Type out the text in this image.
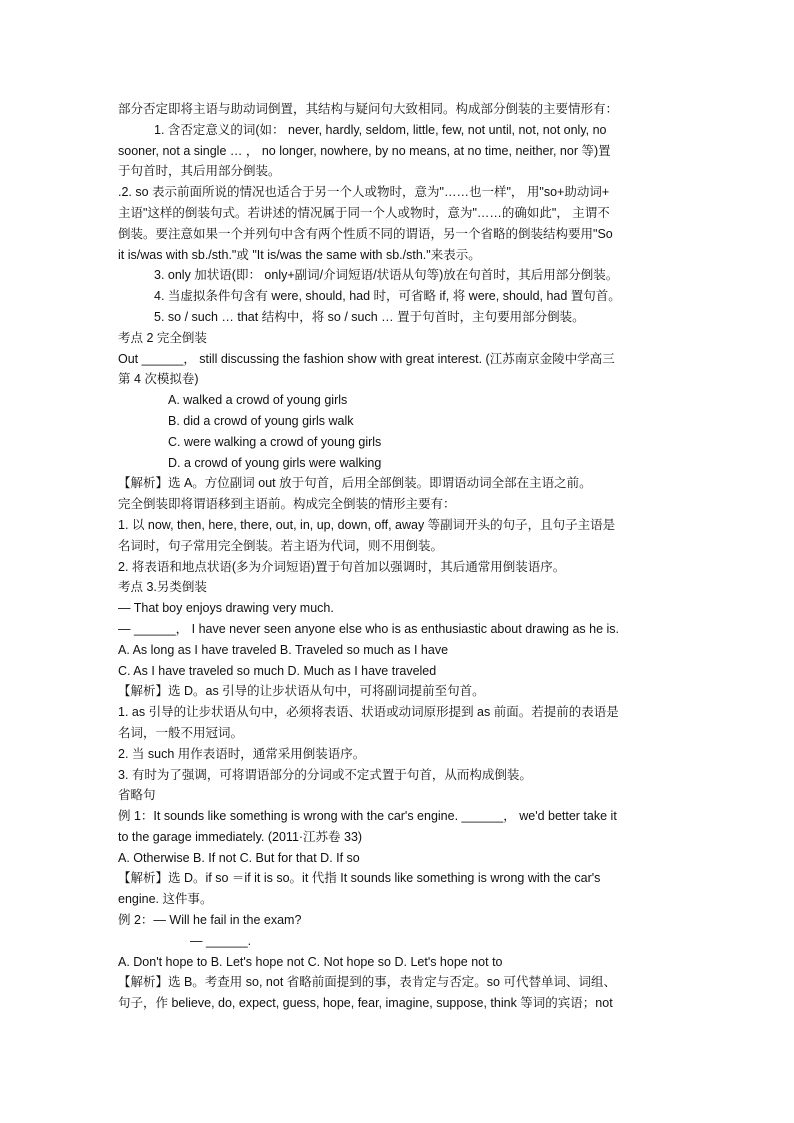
部分否定即将主语与助动词倒置，其结构与疑问句大致相同。构成部分倒装的主要情形有：
1. 含否定意义的词(如： never, hardly, seldom, little, few, not until, not, not only, no
sooner, not a single … ， no longer, nowhere, by no means, at no time, neither, nor 等)置
于句首时，其后用部分倒装。
.2. so 表示前面所说的情况也适合于另一个人或物时，意为"……也一样"， 用"so+助动词+
主语"这样的倒装句式。若讲述的情况属于同一个人或物时，意为"……的确如此"， 主谓不
倒装。要注意如果一个并列句中含有两个性质不同的谓语，另一个省略的倒装结构要用"So
it is/was with sb./sth."或 "It is/was the same with sb./sth."来表示。
3. only 加状语(即： only+副词/介词短语/状语从句等)放在句首时，其后用部分倒装。
4. 当虚拟条件句含有 were, should, had 时，可省略 if, 将 were, should, had 置句首。
5. so / such … that 结构中，将 so / such … 置于句首时，主句要用部分倒装。
考点 2 完全倒装
Out ______， still discussing the fashion show with great interest. (江苏南京金陵中学高三
第 4 次模拟卷)
A. walked a crowd of young girls
B. did a crowd of young girls walk
C. were walking a crowd of young girls
D. a crowd of young girls were walking
【解析】选 A。方位副词 out 放于句首，后用全部倒装。即谓语动词全部在主语之前。
完全倒装即将谓语移到主语前。构成完全倒装的情形主要有：
1. 以 now, then, here, there, out, in, up, down, off, away 等副词开头的句子，且句子主语是
名词时，句子常用完全倒装。若主语为代词，则不用倒装。
2. 将表语和地点状语(多为介词短语)置于句首加以强调时，其后通常用倒装语序。
考点 3.另类倒装
— That boy enjoys drawing very much.
— ______， I have never seen anyone else who is as enthusiastic about drawing as he is.
A. As long as I have traveled B. Traveled so much as I have
C. As I have traveled so much D. Much as I have traveled
【解析】选 D。as 引导的让步状语从句中，可将副词提前至句首。
1. as 引导的让步状语从句中，必须将表语、状语或动词原形提到 as 前面。若提前的表语是
名词，一般不用冠词。
2. 当 such 用作表语时，通常采用倒装语序。
3. 有时为了强调，可将谓语部分的分词或不定式置于句首，从而构成倒装。
省略句
例 1：It sounds like something is wrong with the car's engine. ______， we'd better take it
to the garage immediately. (2011·江苏卷 33)
A. Otherwise B. If not C. But for that D. If so
【解析】选 D。if so ＝if it is so。it 代指 It sounds like something is wrong with the car's
engine. 这件事。
例 2：— Will he fail in the exam?
— ______.
A. Don't hope to B. Let's hope not C. Not hope so D. Let's hope not to
【解析】选 B。考查用 so, not 省略前面提到的事，表肯定与否定。so 可代替单词、词组、
句子，作 believe, do, expect, guess, hope, fear, imagine, suppose, think 等词的宾语；not
